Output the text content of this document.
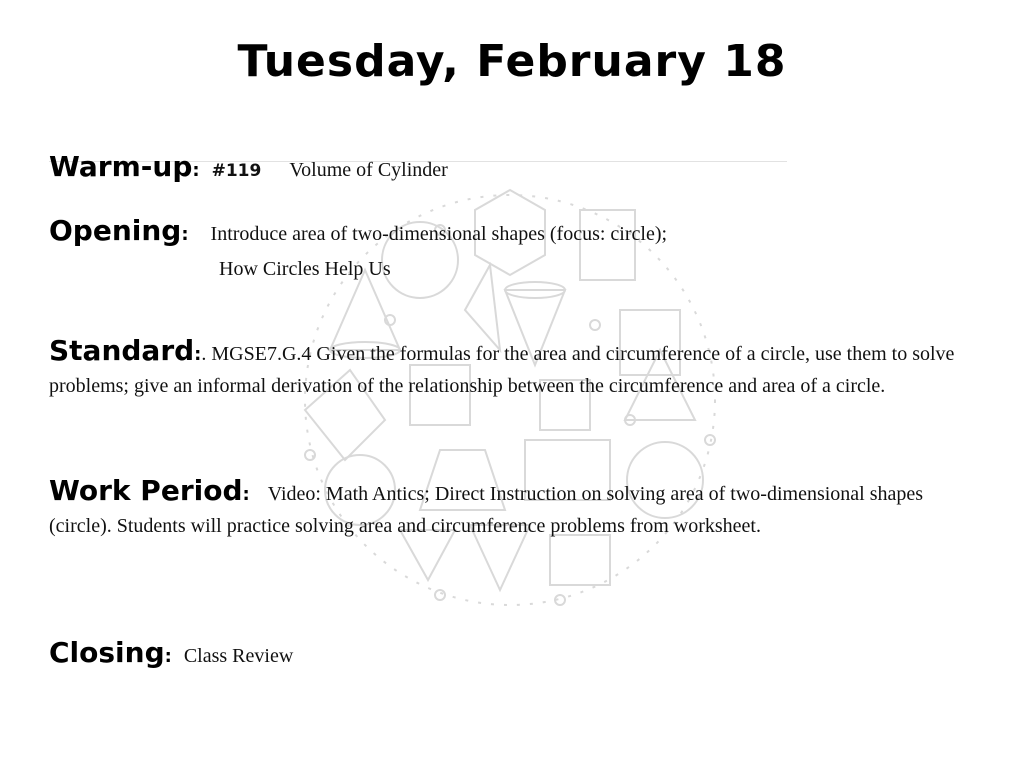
Tuesday, February 18
Warm-up: #119 Volume of Cylinder
Opening: Introduce area of two-dimensional shapes (focus: circle);
How Circles Help Us
Standard:. MGSE7.G.4 Given the formulas for the area and circumference of a circle, use them to solve problems; give an informal derivation of the relationship between the circumference and area of a circle.
Work Period: Video: Math Antics; Direct Instruction on solving area of two-dimensional shapes (circle). Students will practice solving area and circumference problems from worksheet.
Closing: Class Review
